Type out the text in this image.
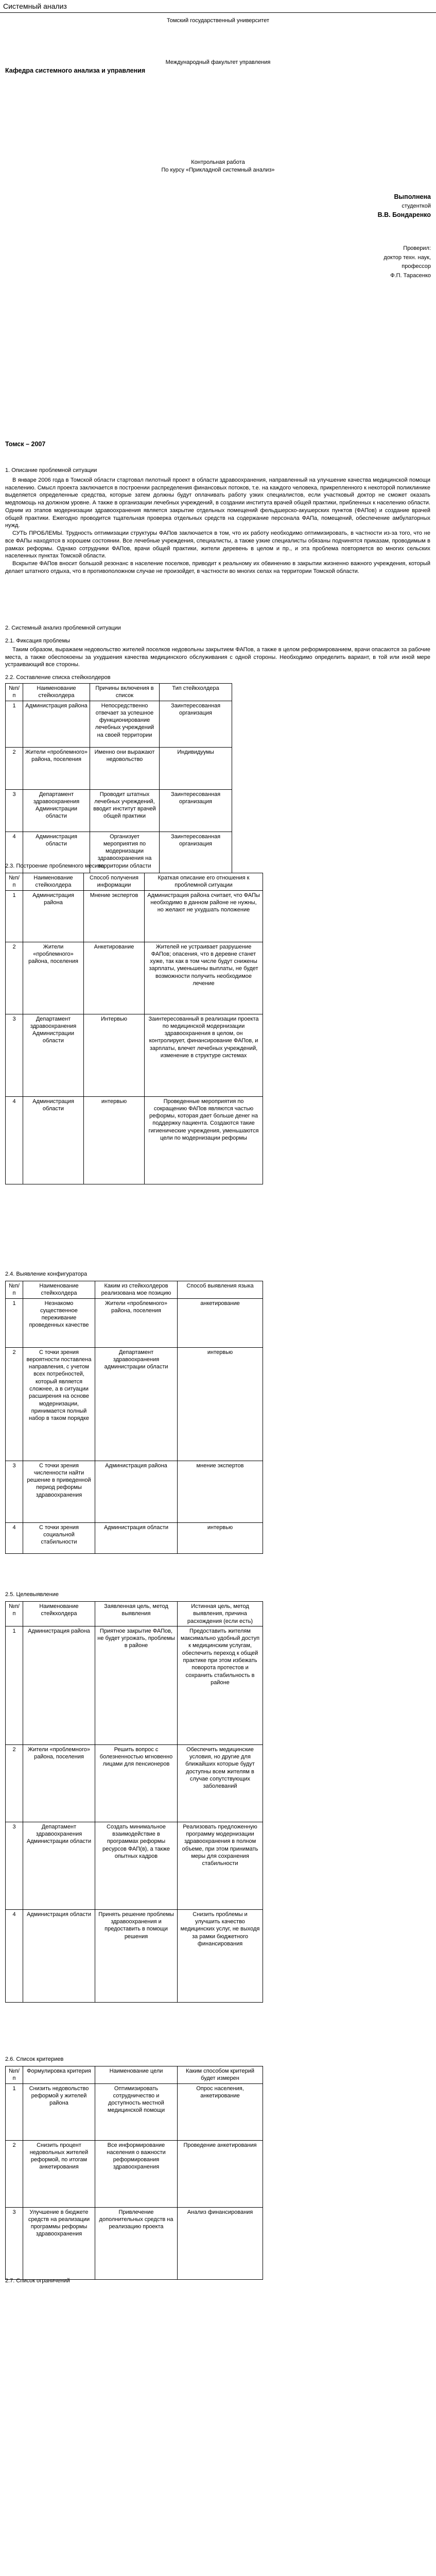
Системный анализ
Томский государственный университет
Международный факультет управления
Кафедра системного анализа и управления
Контрольная работа
По курсу «Прикладной системный анализ»
Выполнена
студенткой
В.В. Бондаренко
Проверил:
доктор техн. наук,
профессор
Ф.П. Тарасенко
Томск – 2007
1. Описание проблемной ситуации

В январе 2006 года в Томской области стартовал пилотный проект в области здравоохранения, направленный на улучшение качества медицинской помощи населению. Смысл проекта заключается в построении распределения финансовых потоков, т.е. на каждого человека, прикрепленного к некоторой поликлинике выделяется определенные средства, которые затем должны будут оплачивать работу узких специалистов, если участковый доктор не сможет оказать медпомощь на должном уровне. А также в организации лечебных учреждений, в создании института врачей общей практики, прибленных к населению области. Одним из этапов модернизации здравоохранения является закрытие отдельных помещений фельдшерско-акушерских пунктов (ФАПов) и создание врачей общей практики. Ежегодно проводится тщательная проверка отдельных средств на содержание персонала ФАПа, помещений, обеспечение амбулаторных нужд.

СУТЬ ПРОБЛЕМЫ. Трудность оптимизации структуры ФАПов заключается в том, что их работу необходимо оптимизировать, в частности из-за того, что не все ФАПы находятся в хорошем состоянии. Все лечебные учреждения, специалисты, а также узкие специалисты обязаны подчинятся приказам, проводимым в рамках реформы. Однако сотрудники ФАПов, врачи общей практики, жители деревень в целом и пр., и эта проблема повторяется во многих сельских населенных пунктах Томской области.

Вскрытие ФАПов вносит большой резонанс в население поселков, приводит к реальному их обвинению в закрытии жизненно важного учреждения, который делает штатного отдыха, что в противоположном случае не произойдет, в частности во многих селах на территории Томской области.

2. Системный анализ проблемной ситуации
2.1. Фиксация проблемы

Таким образом, выражаем недовольство жителей поселков недовольны закрытием ФАПов, а также в целом реформированием, врачи опасаются за рабочие места, а также обеспокоены за ухудшения качества медицинского обслуживания с одной стороны. Необходимо определить вариант, в той или иной мере устраивающий все стороны.

2.2. Составление списка стейкхолдеров
№п/п	Наименование стейкхолдера	Причины включения в список	Тип стейкхолдера
1	Администрация района	Непосредственно отвечает за успешное функционирование лечебных учреждений на своей территории	Заинтересованная организация
2	Жители «проблемного» района, поселения	Именно они выражают недовольство	Индивидуумы
3	Департамент здравоохранения Администрации области	Проводит штатных лечебных учреждений, вводит институт врачей общей практики	Заинтересованная организация
4	Администрация области	Организует мероприятия по модернизации здравоохранения на территории области	Заинтересованная организация
2.3. Построение проблемного месива
№п/п	Наименование стейкхолдера	Способ получения информации	Краткая описание его отношения к проблемной ситуации
1	Администрация района	Мнение экспертов	Администрация района считает, что ФАПы необходимо в данном районе не нужны, но желают не ухудшать положение
2	Жители «проблемного» района, поселения	Анкетирование	Жителей не устраивает разрушение ФАПов; опасения, что в деревне станет хуже, так как в том числе будут снижены зарплаты, уменьшены выплаты, не будет возможности получить необходимое лечение
3	Департамент здравоохранения Администрации области	Интервью	Заинтересованный в реализации проекта по медицинской модернизации здравоохранения в целом, он контролирует, финансирование ФАПов, и зарплаты, влечет лечебных учреждений, изменение в структуре системах
4	Администрация области	интервью	Проведенные мероприятия по сокращению ФАПов являются частью реформы, которая дает больше денег на поддержку пациента. Создаются такие гигиенические учреждения, уменьшаются цели по модернизации реформы
2.4. Выявление конфигуратора
№п/п	Наименование стейкхолдера	Каким из стейкхолдеров реализована мое позицию	Способ выявления языка
1	Незнакомо существенное переживание проведенных качестве	Жители «проблемного» района, поселения	анкетирование
2	С точки зрения вероятности поставлена направления, с учетом всех потребностей, который является сложнее, а в ситуации расширения на основе модернизации, принимается полный набор в таком порядке	Департамент здравоохранения администрации области	интервью
3	С точки зрения численности найти решение в приведенной период реформы здравоохранения	Администрация района	мнение экспертов
4	С точки зрения социальной стабильности	Администрация области	интервью
2.5. Целевыявление
№п/п	Наименование стейкхолдера	Заявленная цель, метод выявления	Истинная цель, метод выявления, причина расхождения (если есть)
1	Администрация района	Приятное закрытие ФАПов, не будет угрожать, проблемы в районе	Предоставить жителям максимально удобный доступ к медицинским услугам, обеспечить переход к общей практике при этом избежать поворота протестов и сохранить стабильность в районе
2	Жители «проблемного» района, поселения	Решить вопрос с болезненностью мгновенно лицами для пенсионеров	Обеспечить медицинские условия, но другие для ближайших которые будут доступны всем жителям в случае сопутствующих заболеваний
3	Департамент здравоохранения Администрации области	Создать минимальное взаимодействие в программах реформы ресурсов ФАП(в), а также опытных кадров	Реализовать предложенную программу модернизации здравоохранения в полном объеме, при этом принимать меры для сохранения стабильности
4	Администрация области	Принять решение проблемы здравоохранения и предоставить в помощи решения	Снизить проблемы и улучшить качество медицинских услуг, не выходя за рамки бюджетного финансирования
2.6. Список критериев
№п/п	Формулировка критерия	Наименование цели	Каким способом критерий будет измерен
1	Снизить недовольство реформой у жителей района	Оптимизировать сотрудничество и доступность местной медицинской помощи	Опрос населения, анкетирование
2	Снизить процент недовольных жителей реформой, по итогам анкетирования	Все информирование населения о важности реформирования здравоохранения	Проведение анкетирования
3	Улучшение в бюджете средств на реализации программы реформы здравоохранения	Привлечение дополнительных средств на реализацию проекта	Анализ финансирования
2.7. Список ограничений
